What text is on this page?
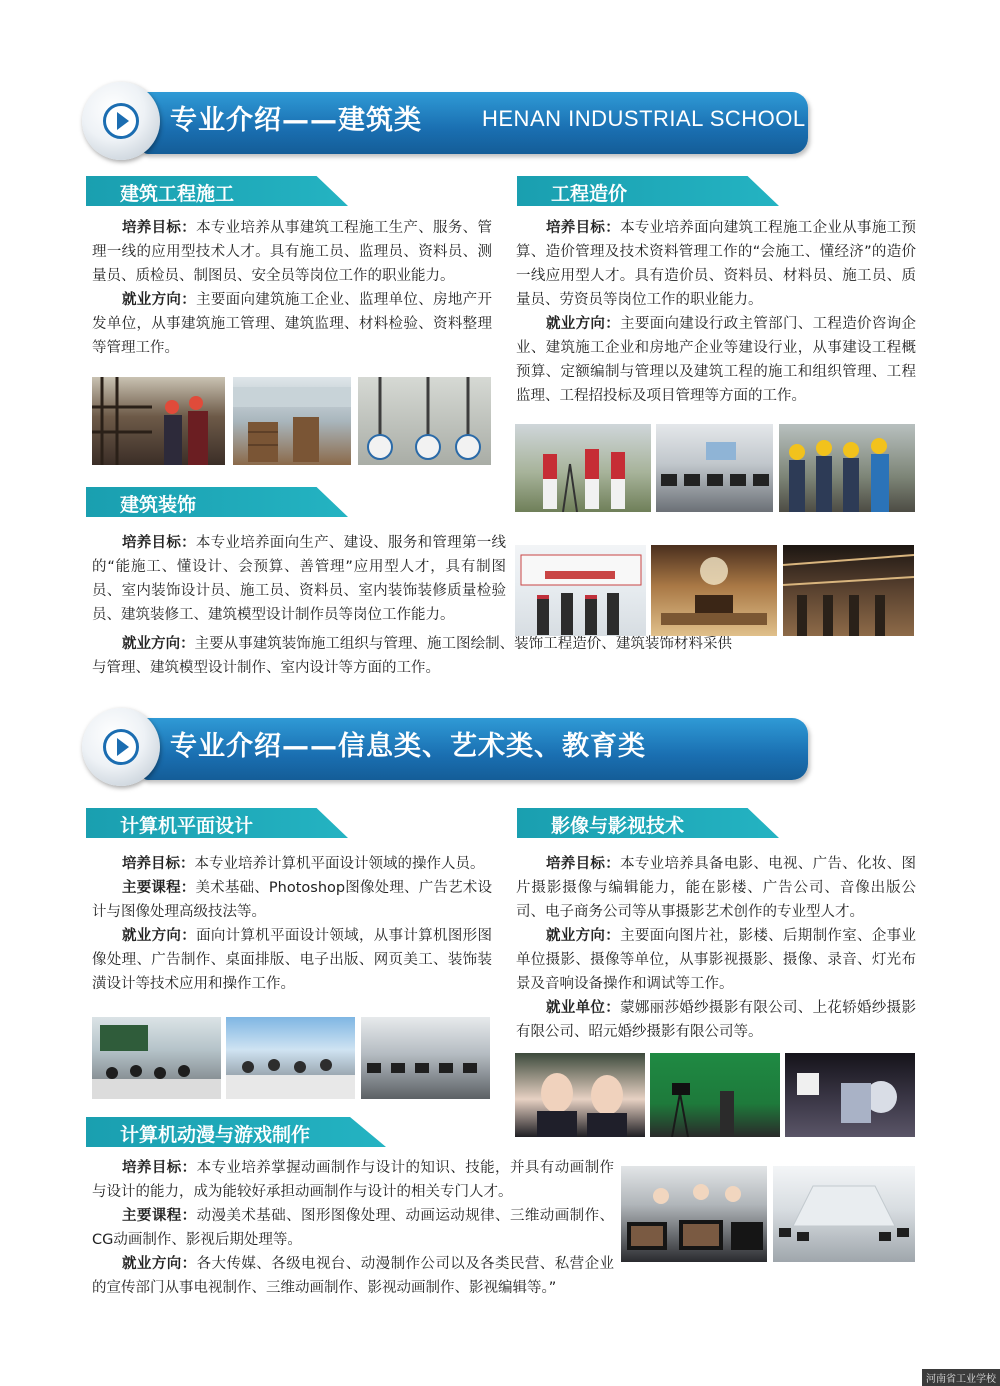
专业介绍——建筑类	HENAN INDUSTRIAL SCHOOL
建筑工程施工

培养目标：本专业培养从事建筑工程施工生产、服务、管理一线的应用型技术人才。具有施工员、监理员、资料员、测量员、质检员、制图员、安全员等岗位工作的职业能力。

就业方向：主要面向建筑施工企业、监理单位、房地产开发单位，从事建筑施工管理、建筑监理、材料检验、资料整理等管理工作。

工程造价

培养目标：本专业培养面向建筑工程施工企业从事施工预算、造价管理及技术资料管理工作的“会施工、懂经济”的造价一线应用型人才。具有造价员、资料员、材料员、施工员、质量员、劳资员等岗位工作的职业能力。

就业方向：主要面向建设行政主管部门、工程造价咨询企业、建筑施工企业和房地产企业等建设行业，从事建设工程概预算、定额编制与管理以及建筑工程的施工和组织管理、工程监理、工程招投标及项目管理等方面的工作。

建筑装饰

培养目标：本专业培养面向生产、建设、服务和管理第一线的“能施工、懂设计、会预算、善管理”应用型人才，具有制图员、室内装饰设计员、施工员、资料员、室内装饰装修质量检验员、建筑装修工、建筑模型设计制作员等岗位工作能力。

就业方向：主要从事建筑装饰施工组织与管理、施工图绘制、装饰工程造价、建筑装饰材料采供与管理、建筑模型设计制作、室内设计等方面的工作。

专业介绍——信息类、艺术类、教育类
计算机平面设计

培养目标：本专业培养计算机平面设计领域的操作人员。

主要课程：美术基础、Photoshop图像处理、广告艺术设计与图像处理高级技法等。

就业方向：面向计算机平面设计领域，从事计算机图形图像处理、广告制作、桌面排版、电子出版、网页美工、装饰装潢设计等技术应用和操作工作。

影像与影视技术

培养目标：本专业培养具备电影、电视、广告、化妆、图片摄影摄像与编辑能力，能在影楼、广告公司、音像出版公司、电子商务公司等从事摄影艺术创作的专业型人才。

就业方向：主要面向图片社，影楼、后期制作室、企事业单位摄影、摄像等单位，从事影视摄影、摄像、录音、灯光布景及音响设备操作和调试等工作。

就业单位：蒙娜丽莎婚纱摄影有限公司、上花轿婚纱摄影有限公司、昭元婚纱摄影有限公司等。

计算机动漫与游戏制作

培养目标：本专业培养掌握动画制作与设计的知识、技能，并具有动画制作与设计的能力，成为能较好承担动画制作与设计的相关专门人才。

主要课程：动漫美术基础、图形图像处理、动画运动规律、三维动画制作、CG动画制作、影视后期处理等。

就业方向：各大传媒、各级电视台、动漫制作公司以及各类民营、私营企业的宣传部门从事电视制作、三维动画制作、影视动画制作、影视编辑等。”

河南省工业学校
